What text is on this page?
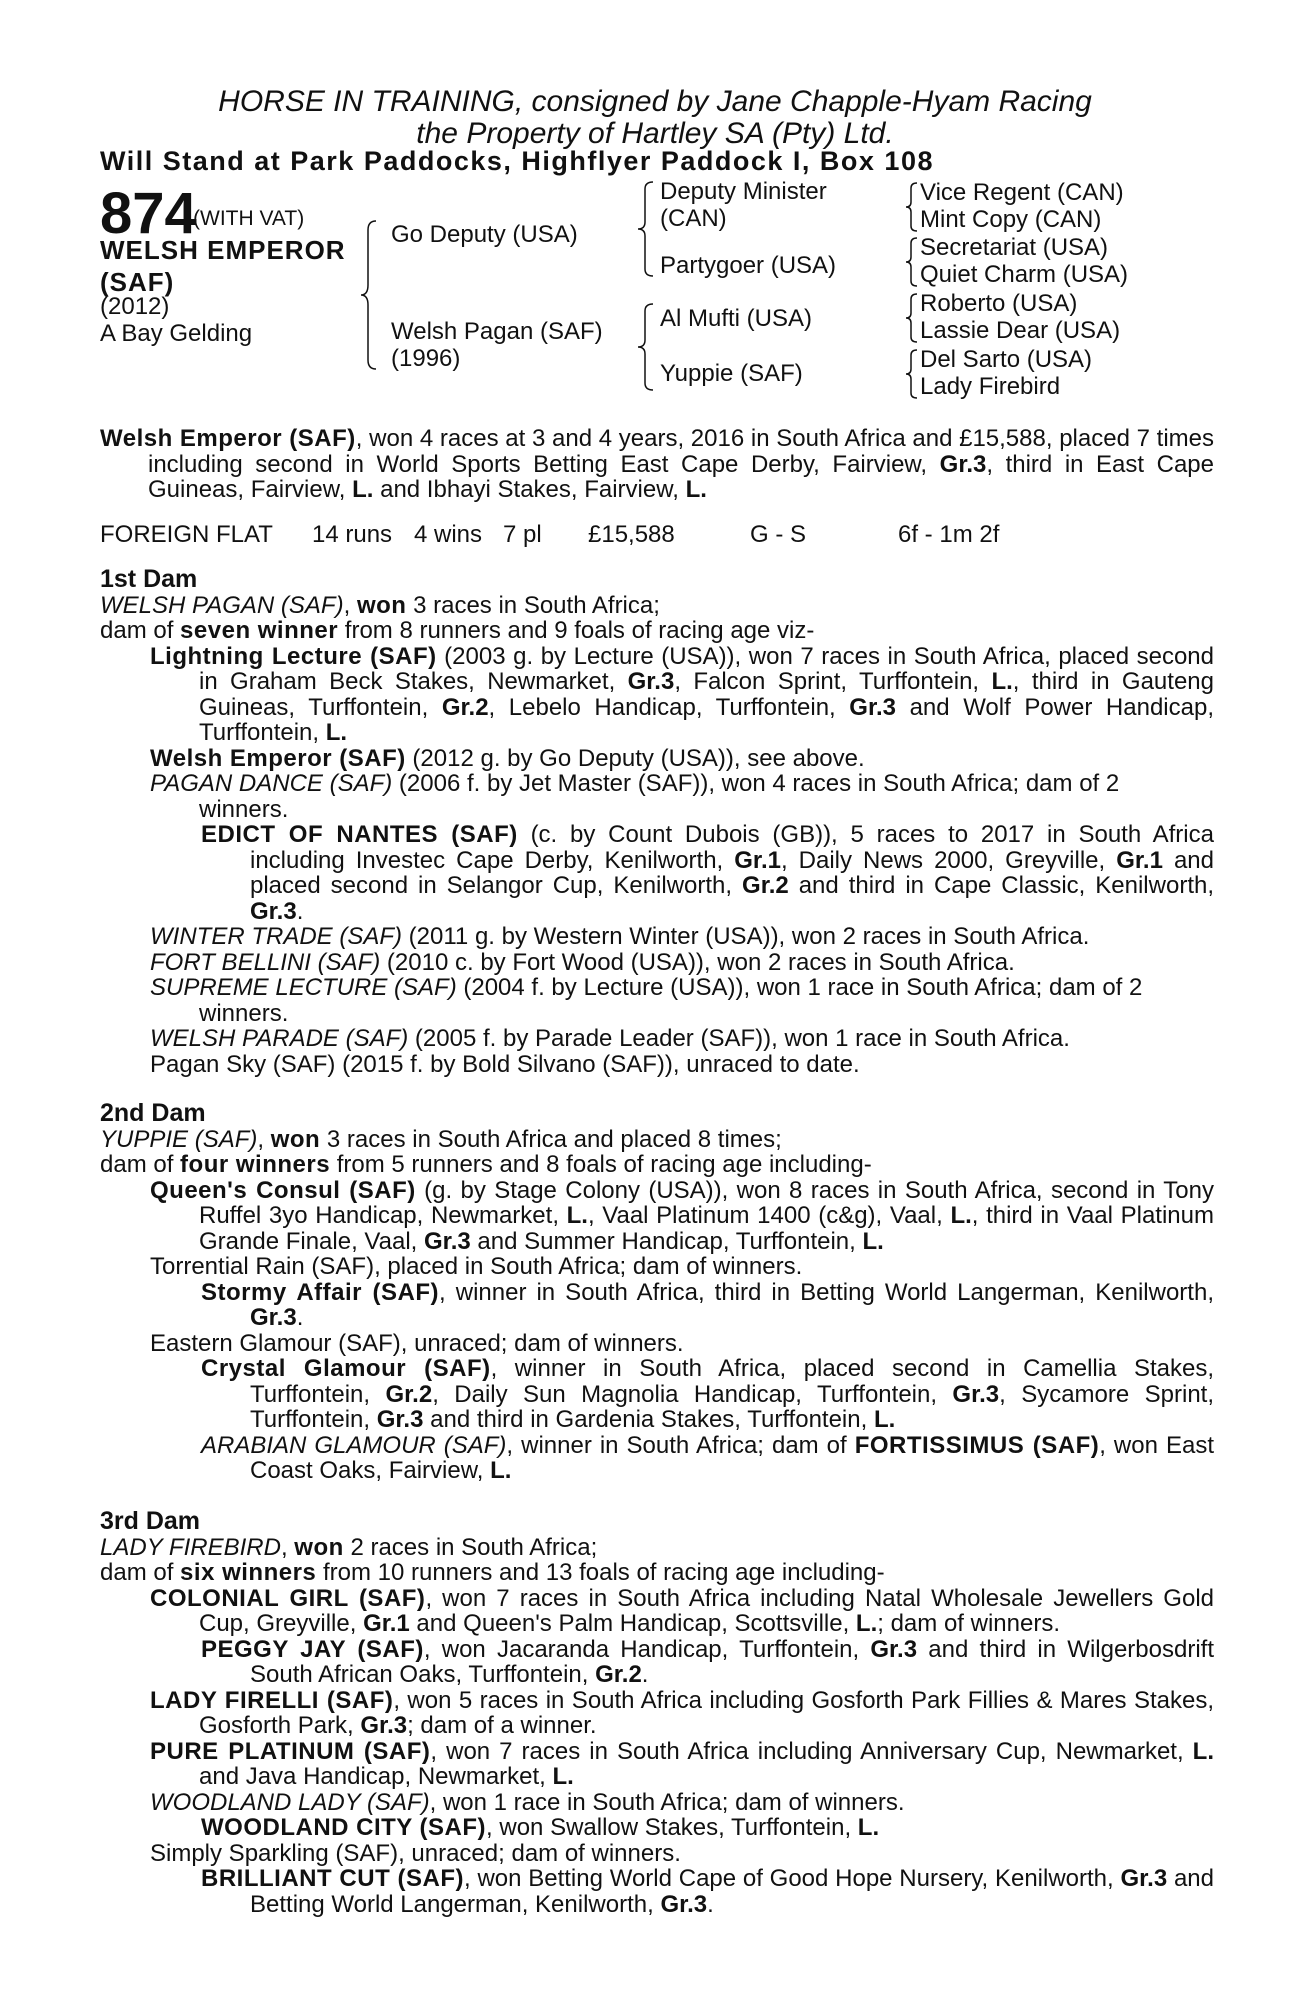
HORSE IN TRAINING, consigned by Jane Chapple-Hyam Racing
the Property of Hartley SA (Pty) Ltd.
Will Stand at Park Paddocks, Highflyer Paddock I, Box 108
874
(WITH VAT)
WELSH EMPEROR
(SAF)
(2012)
A Bay Gelding
Go Deputy (USA)
Welsh Pagan (SAF)
(1996)
Deputy Minister
(CAN)
Partygoer (USA)
Al Mufti (USA)
Yuppie (SAF)
Vice Regent (CAN)
Mint Copy (CAN)
Secretariat (USA)
Quiet Charm (USA)
Roberto (USA)
Lassie Dear (USA)
Del Sarto (USA)
Lady Firebird

Welsh Emperor (SAF), won 4 races at 3 and 4 years, 2016 in South Africa and £15,588, placed 7 times including second in World Sports Betting East Cape Derby, Fairview, Gr.3, third in East Cape Guineas, Fairview, L. and Ibhayi Stakes, Fairview, L.

FOREIGN FLAT 14 runs 4 wins 7 pl £15,588	G - S	6f - 1m 2f

1st Dam

WELSH PAGAN (SAF), won 3 races in South Africa;

dam of seven winner from 8 runners and 9 foals of racing age viz-

Lightning Lecture (SAF) (2003 g. by Lecture (USA)), won 7 races in South Africa, placed second in Graham Beck Stakes, Newmarket, Gr.3, Falcon Sprint, Turffontein, L., third in Gauteng Guineas, Turffontein, Gr.2, Lebelo Handicap, Turffontein, Gr.3 and Wolf Power Handicap, Turffontein, L.

Welsh Emperor (SAF) (2012 g. by Go Deputy (USA)), see above.

PAGAN DANCE (SAF) (2006 f. by Jet Master (SAF)), won 4 races in South Africa; dam of 2 winners.

EDICT OF NANTES (SAF) (c. by Count Dubois (GB)), 5 races to 2017 in South Africa including Investec Cape Derby, Kenilworth, Gr.1, Daily News 2000, Greyville, Gr.1 and placed second in Selangor Cup, Kenilworth, Gr.2 and third in Cape Classic, Kenilworth, Gr.3.

WINTER TRADE (SAF) (2011 g. by Western Winter (USA)), won 2 races in South Africa.

FORT BELLINI (SAF) (2010 c. by Fort Wood (USA)), won 2 races in South Africa.

SUPREME LECTURE (SAF) (2004 f. by Lecture (USA)), won 1 race in South Africa; dam of 2 winners.

WELSH PARADE (SAF) (2005 f. by Parade Leader (SAF)), won 1 race in South Africa.

Pagan Sky (SAF) (2015 f. by Bold Silvano (SAF)), unraced to date.

2nd Dam

YUPPIE (SAF), won 3 races in South Africa and placed 8 times;

dam of four winners from 5 runners and 8 foals of racing age including-

Queen's Consul (SAF) (g. by Stage Colony (USA)), won 8 races in South Africa, second in Tony Ruffel 3yo Handicap, Newmarket, L., Vaal Platinum 1400 (c&g), Vaal, L., third in Vaal Platinum Grande Finale, Vaal, Gr.3 and Summer Handicap, Turffontein, L.

Torrential Rain (SAF), placed in South Africa; dam of winners.

Stormy Affair (SAF), winner in South Africa, third in Betting World Langerman, Kenilworth, Gr.3.

Eastern Glamour (SAF), unraced; dam of winners.

Crystal Glamour (SAF), winner in South Africa, placed second in Camellia Stakes, Turffontein, Gr.2, Daily Sun Magnolia Handicap, Turffontein, Gr.3, Sycamore Sprint, Turffontein, Gr.3 and third in Gardenia Stakes, Turffontein, L.

ARABIAN GLAMOUR (SAF), winner in South Africa; dam of FORTISSIMUS (SAF), won East Coast Oaks, Fairview, L.

3rd Dam

LADY FIREBIRD, won 2 races in South Africa;

dam of six winners from 10 runners and 13 foals of racing age including-

COLONIAL GIRL (SAF), won 7 races in South Africa including Natal Wholesale Jewellers Gold Cup, Greyville, Gr.1 and Queen's Palm Handicap, Scottsville, L.; dam of winners.

PEGGY JAY (SAF), won Jacaranda Handicap, Turffontein, Gr.3 and third in Wilgerbosdrift South African Oaks, Turffontein, Gr.2.

LADY FIRELLI (SAF), won 5 races in South Africa including Gosforth Park Fillies & Mares Stakes, Gosforth Park, Gr.3; dam of a winner.

PURE PLATINUM (SAF), won 7 races in South Africa including Anniversary Cup, Newmarket, L. and Java Handicap, Newmarket, L.

WOODLAND LADY (SAF), won 1 race in South Africa; dam of winners.

WOODLAND CITY (SAF), won Swallow Stakes, Turffontein, L.

Simply Sparkling (SAF), unraced; dam of winners.

BRILLIANT CUT (SAF), won Betting World Cape of Good Hope Nursery, Kenilworth, Gr.3 and Betting World Langerman, Kenilworth, Gr.3.
